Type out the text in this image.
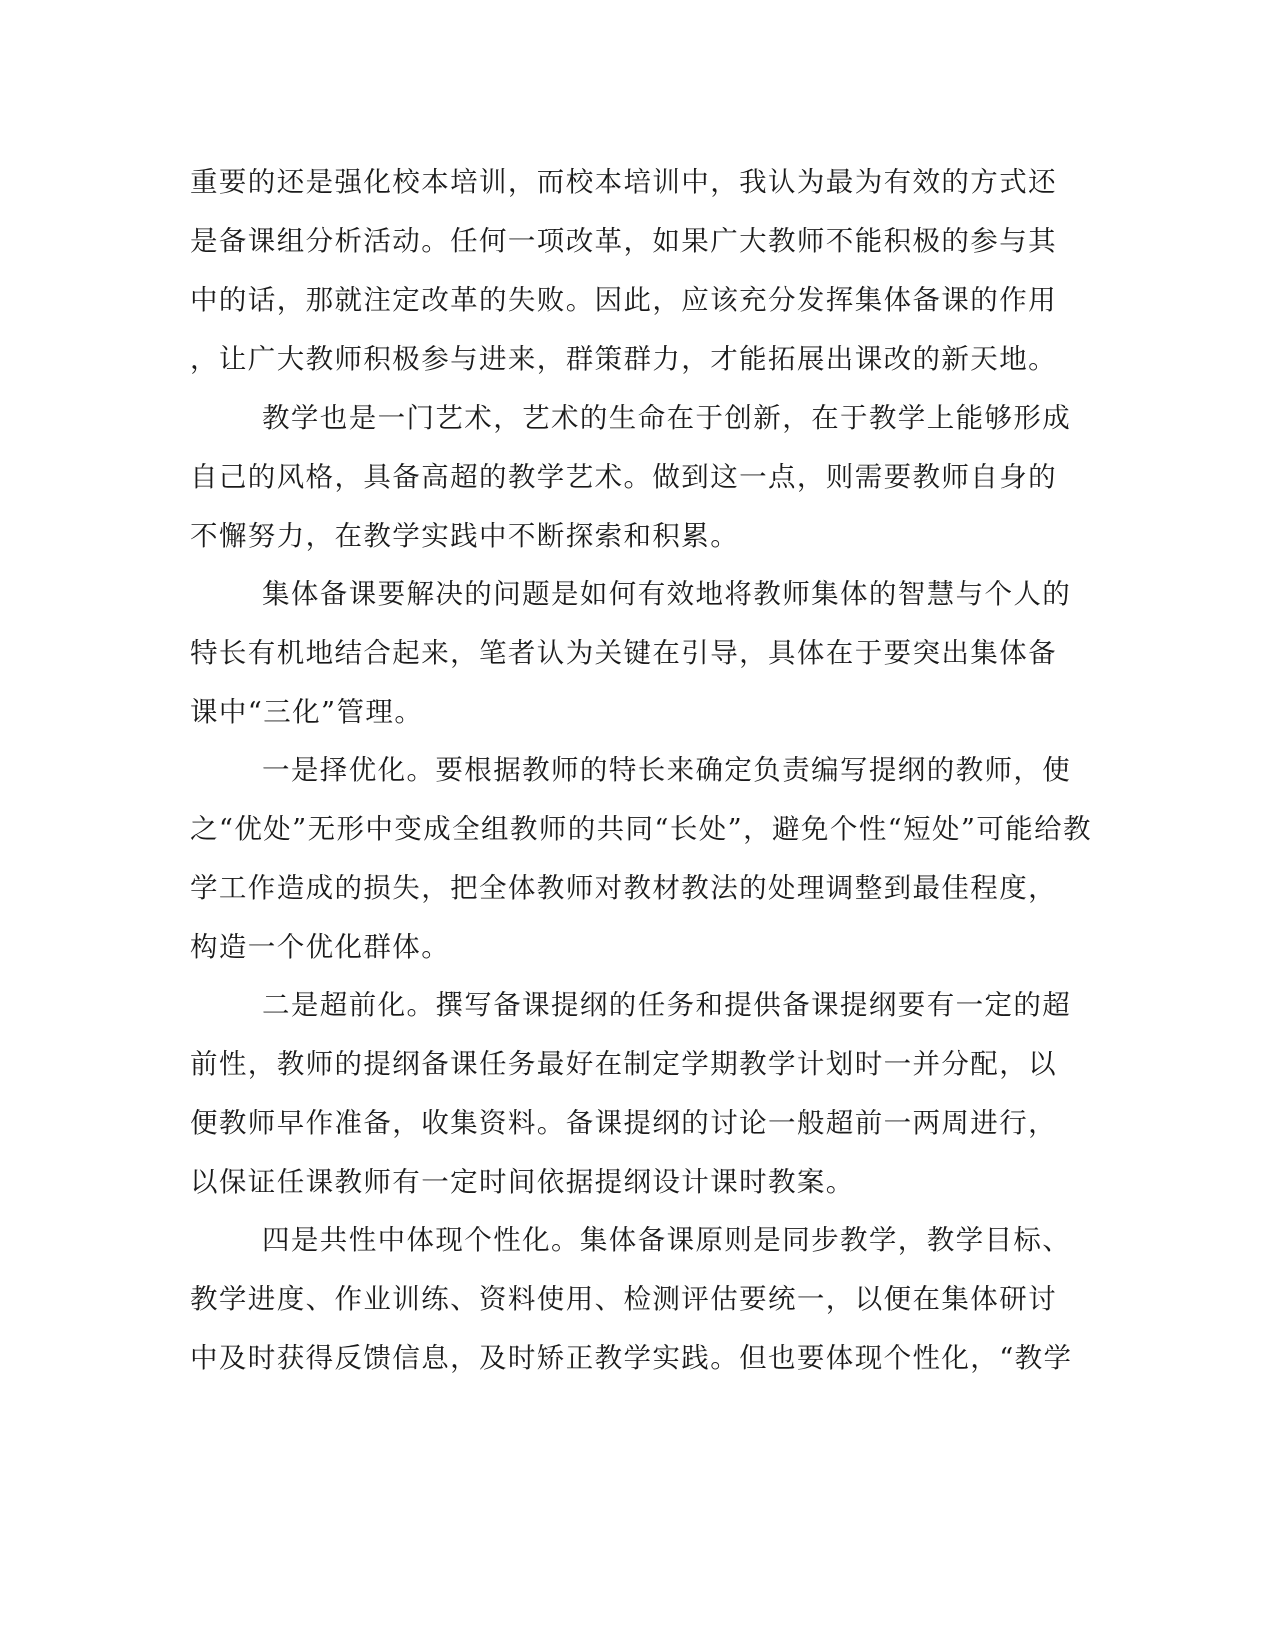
重要的还是强化校本培训，而校本培训中，我认为最为有效的方式还
是备课组分析活动。任何一项改革，如果广大教师不能积极的参与其
中的话，那就注定改革的失败。因此，应该充分发挥集体备课的作用
，让广大教师积极参与进来，群策群力，才能拓展出课改的新天地。
教学也是一门艺术，艺术的生命在于创新，在于教学上能够形成
自己的风格，具备高超的教学艺术。做到这一点，则需要教师自身的
不懈努力，在教学实践中不断探索和积累。
集体备课要解决的问题是如何有效地将教师集体的智慧与个人的
特长有机地结合起来，笔者认为关键在引导，具体在于要突出集体备
课中“三化”管理。
一是择优化。要根据教师的特长来确定负责编写提纲的教师，使
之“优处”无形中变成全组教师的共同“长处”，避免个性“短处”可能给教
学工作造成的损失，把全体教师对教材教法的处理调整到最佳程度，
构造一个优化群体。
二是超前化。撰写备课提纲的任务和提供备课提纲要有一定的超
前性，教师的提纲备课任务最好在制定学期教学计划时一并分配，以
便教师早作准备，收集资料。备课提纲的讨论一般超前一两周进行，
以保证任课教师有一定时间依据提纲设计课时教案。
四是共性中体现个性化。集体备课原则是同步教学，教学目标、
教学进度、作业训练、资料使用、检测评估要统一，以便在集体研讨
中及时获得反馈信息，及时矫正教学实践。但也要体现个性化，“教学
